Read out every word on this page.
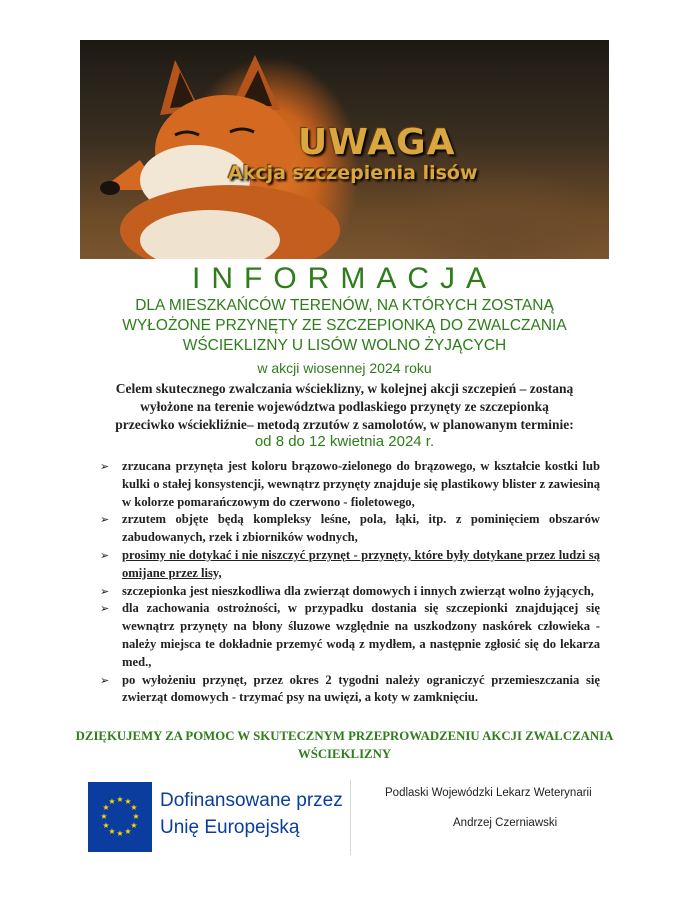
UWAGA
Akcja szczepienia lisów
INFORMACJA
DLA MIESZKAŃCÓW TERENÓW, NA KTÓRYCH ZOSTANĄ
WYŁOŻONE PRZYNĘTY ZE SZCZEPIONKĄ DO ZWALCZANIA
WŚCIEKLIZNY U LISÓW WOLNO ŻYJĄCYCH
w akcji wiosennej 2024 roku
Celem skutecznego zwalczania wścieklizny, w kolejnej akcji szczepień – zostaną
wyłożone na terenie województwa podlaskiego przynęty ze szczepionką
przeciwko wściekliźnie– metodą zrzutów z samolotów, w planowanym terminie:
od 8 do 12 kwietnia 2024 r.
➢ zrzucana przynęta jest koloru brązowo-zielonego do brązowego, w kształcie kostki lub kulki o stałej konsystencji, wewnątrz przynęty znajduje się plastikowy blister z zawiesiną w kolorze pomarańczowym do czerwono - fioletowego,
➢ zrzutem objęte będą kompleksy leśne, pola, łąki, itp. z pominięciem obszarów zabudowanych, rzek i zbiorników wodnych,
➢ prosimy nie dotykać i nie niszczyć przynęt - przynęty, które były dotykane przez ludzi są omijane przez lisy,
➢ szczepionka jest nieszkodliwa dla zwierząt domowych i innych zwierząt wolno żyjących,
➢ dla zachowania ostrożności, w przypadku dostania się szczepionki znajdującej się wewnątrz przynęty na błony śluzowe względnie na uszkodzony naskórek człowieka - należy miejsca te dokładnie przemyć wodą z mydłem, a następnie zgłosić się do lekarza med.,
➢ po wyłożeniu przynęt, przez okres 2 tygodni należy ograniczyć przemieszczania się zwierząt domowych - trzymać psy na uwięzi, a koty w zamknięciu.
DZIĘKUJEMY ZA POMOC W SKUTECZNYM PRZEPROWADZENIU AKCJI ZWALCZANIA WŚCIEKLIZNY
★ ★
★
★
★
★
★
★
★
★
★
★ Dofinansowane przez
Unię Europejską
Podlaski Wojewódzki Lekarz Weterynarii
Andrzej Czerniawski
